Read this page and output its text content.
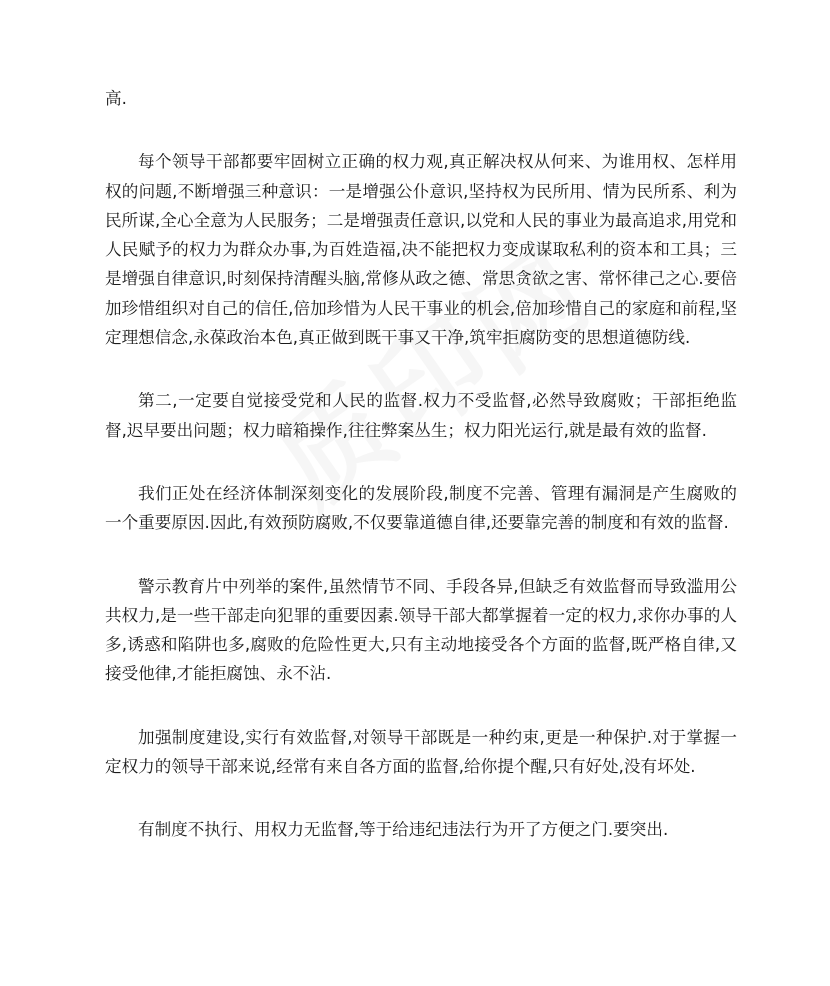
高.

每个领导干部都要牢固树立正确的权力观,真正解决权从何来、为谁用权、怎样用权的问题,不断增强三种意识：一是增强公仆意识,坚持权为民所用、情为民所系、利为民所谋,全心全意为人民服务；二是增强责任意识,以党和人民的事业为最高追求,用党和人民赋予的权力为群众办事,为百姓造福,决不能把权力变成谋取私利的资本和工具；三是增强自律意识,时刻保持清醒头脑,常修从政之德、常思贪欲之害、常怀律己之心.要倍加珍惜组织对自己的信任,倍加珍惜为人民干事业的机会,倍加珍惜自己的家庭和前程,坚定理想信念,永葆政治本色,真正做到既干事又干净,筑牢拒腐防变的思想道德防线.

第二,一定要自觉接受党和人民的监督.权力不受监督,必然导致腐败；干部拒绝监督,迟早要出问题；权力暗箱操作,往往弊案丛生；权力阳光运行,就是最有效的监督.

我们正处在经济体制深刻变化的发展阶段,制度不完善、管理有漏洞是产生腐败的一个重要原因.因此,有效预防腐败,不仅要靠道德自律,还要靠完善的制度和有效的监督.

警示教育片中列举的案件,虽然情节不同、手段各异,但缺乏有效监督而导致滥用公共权力,是一些干部走向犯罪的重要因素.领导干部大都掌握着一定的权力,求你办事的人多,诱惑和陷阱也多,腐败的危险性更大,只有主动地接受各个方面的监督,既严格自律,又接受他律,才能拒腐蚀、永不沾.

加强制度建设,实行有效监督,对领导干部既是一种约束,更是一种保护.对于掌握一定权力的领导干部来说,经常有来自各方面的监督,给你提个醒,只有好处,没有坏处.

有制度不执行、用权力无监督,等于给违纪违法行为开了方便之门.要突出.
